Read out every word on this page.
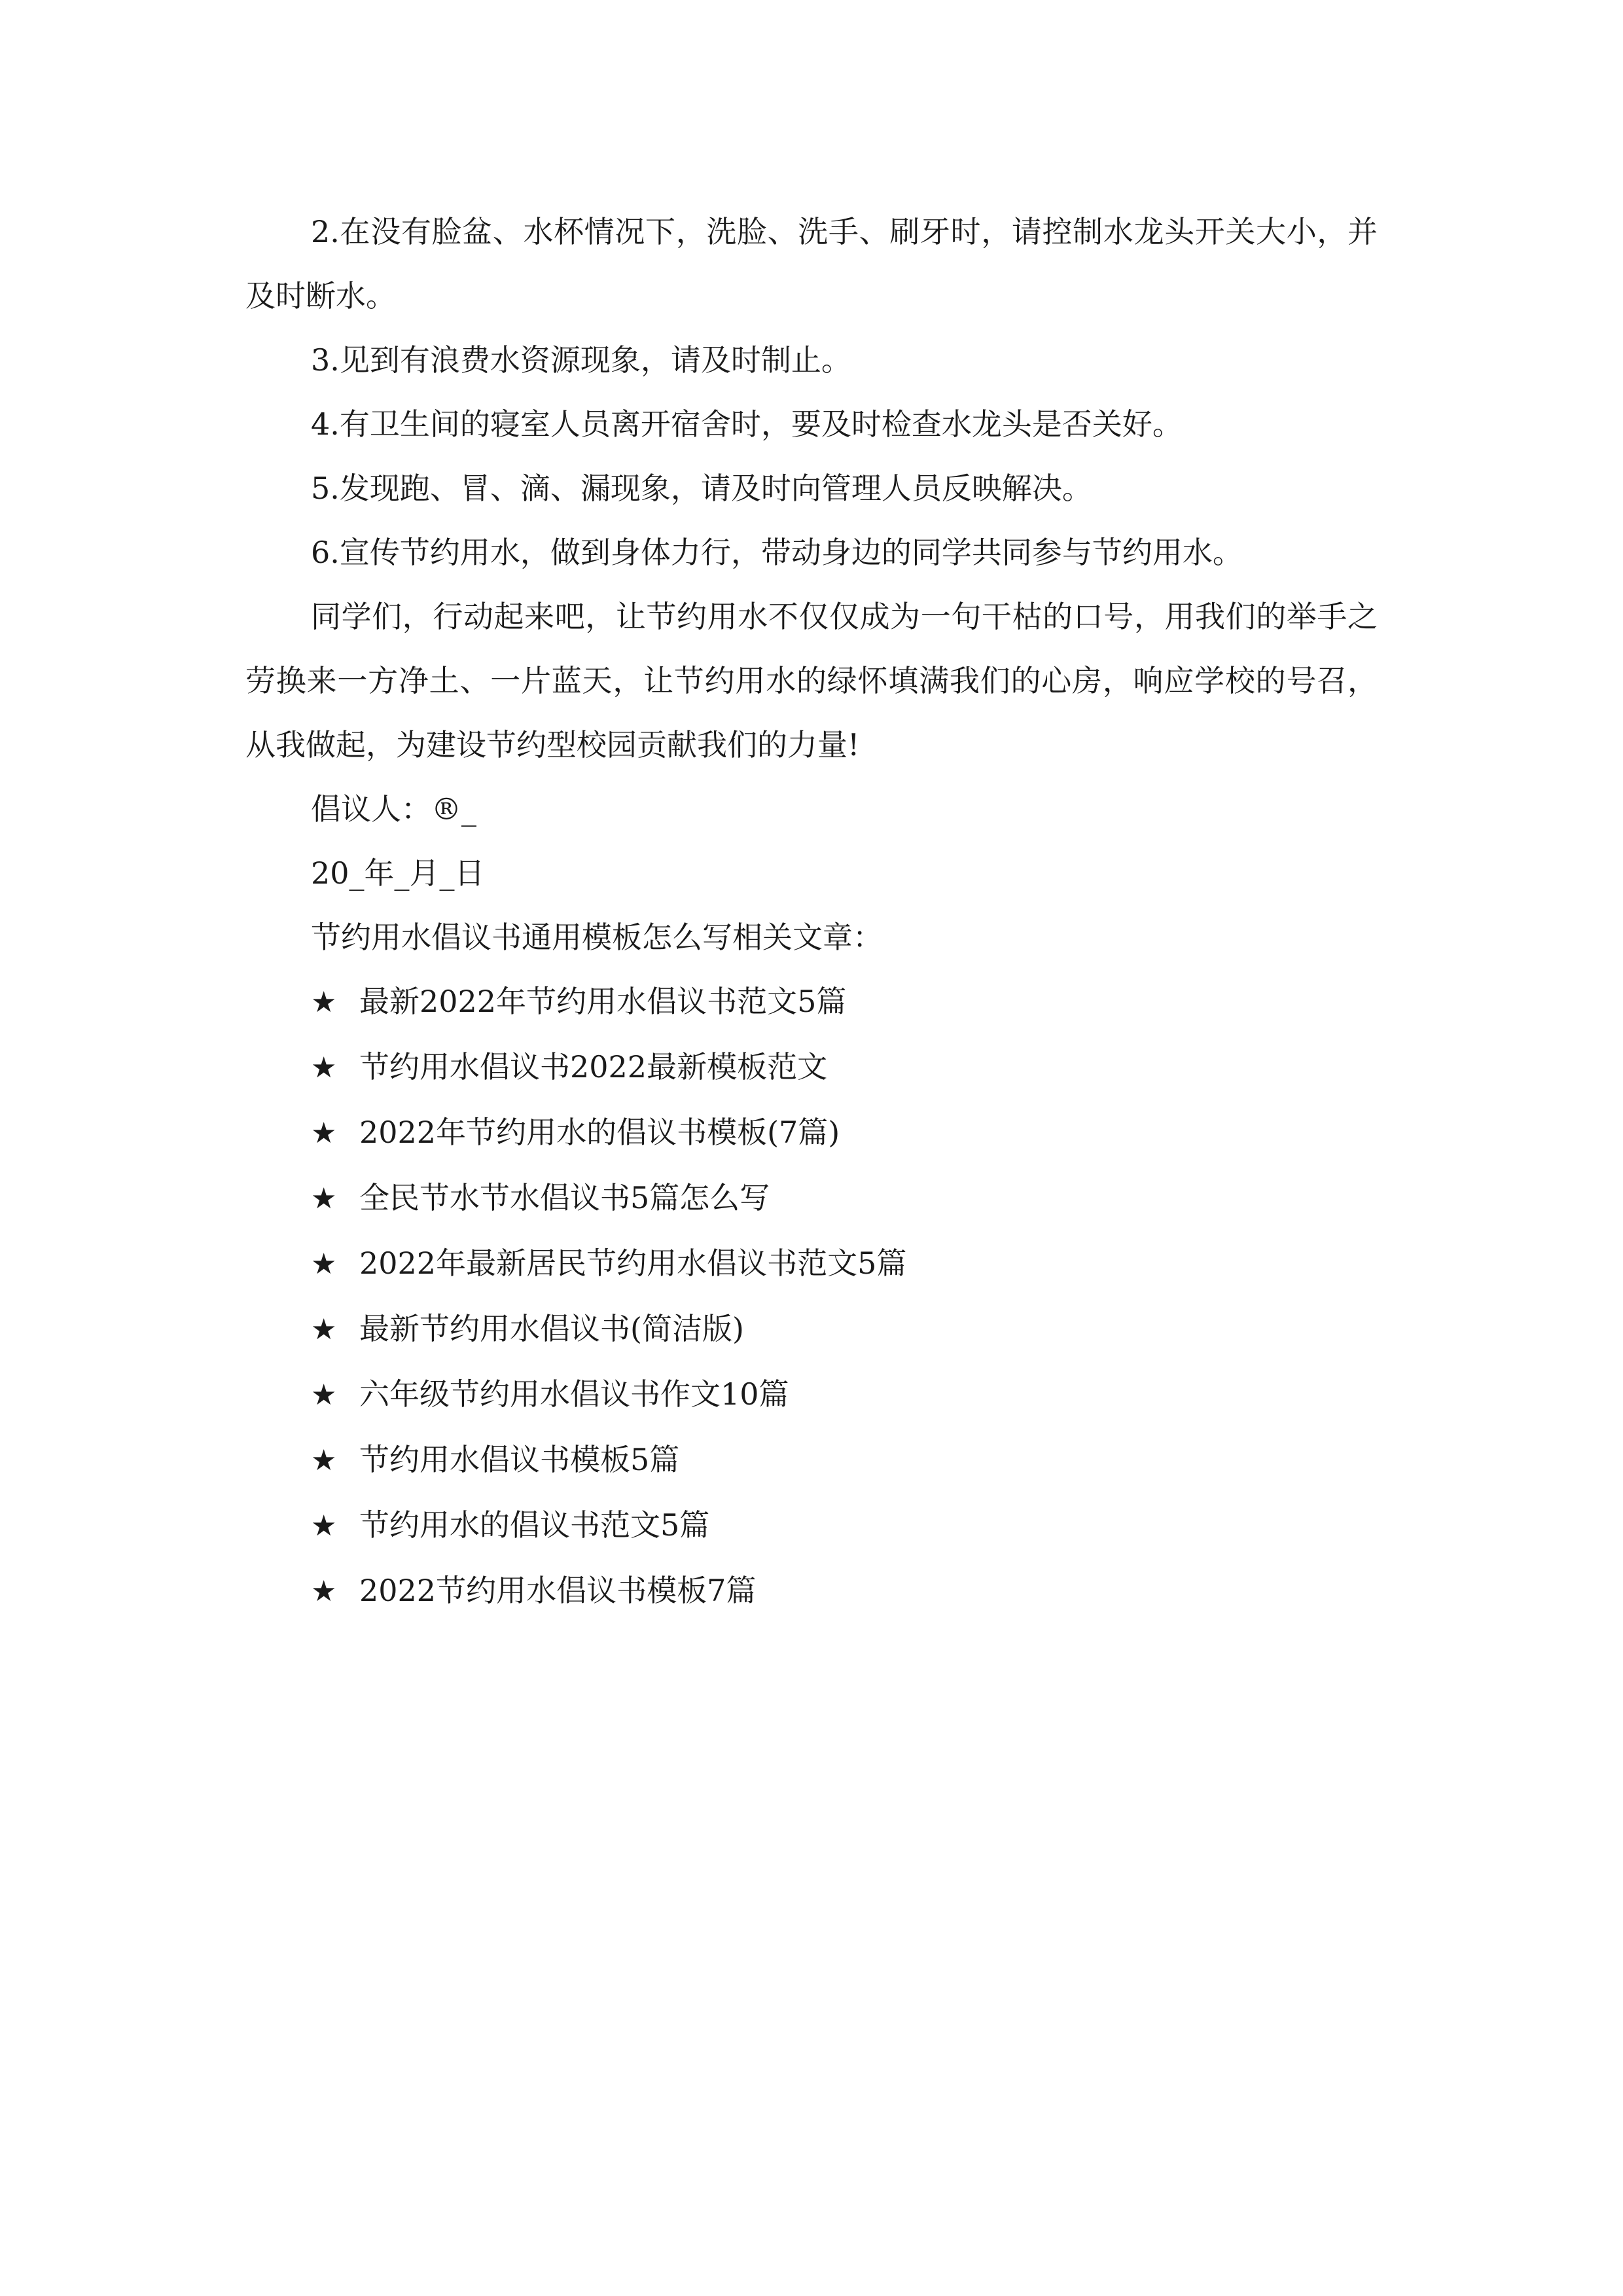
2.在没有脸盆、水杯情况下，洗脸、洗手、刷牙时，请控制水龙头开关大小，并及时断水。

3.见到有浪费水资源现象，请及时制止。

4.有卫生间的寝室人员离开宿舍时，要及时检查水龙头是否关好。

5.发现跑、冒、滴、漏现象，请及时向管理人员反映解决。

6.宣传节约用水，做到身体力行，带动身边的同学共同参与节约用水。

同学们，行动起来吧，让节约用水不仅仅成为一句干枯的口号，用我们的举手之劳换来一方净土、一片蓝天，让节约用水的绿怀填满我们的心房，响应学校的号召，从我做起，为建设节约型校园贡献我们的力量!

倡议人：®_

20_年_月_日

节约用水倡议书通用模板怎么写相关文章：

★ 最新2022年节约用水倡议书范文5篇
★ 节约用水倡议书2022最新模板范文
★ 2022年节约用水的倡议书模板(7篇)
★ 全民节水节水倡议书5篇怎么写
★ 2022年最新居民节约用水倡议书范文5篇
★ 最新节约用水倡议书(简洁版)
★ 六年级节约用水倡议书作文10篇
★ 节约用水倡议书模板5篇
★ 节约用水的倡议书范文5篇
★ 2022节约用水倡议书模板7篇
